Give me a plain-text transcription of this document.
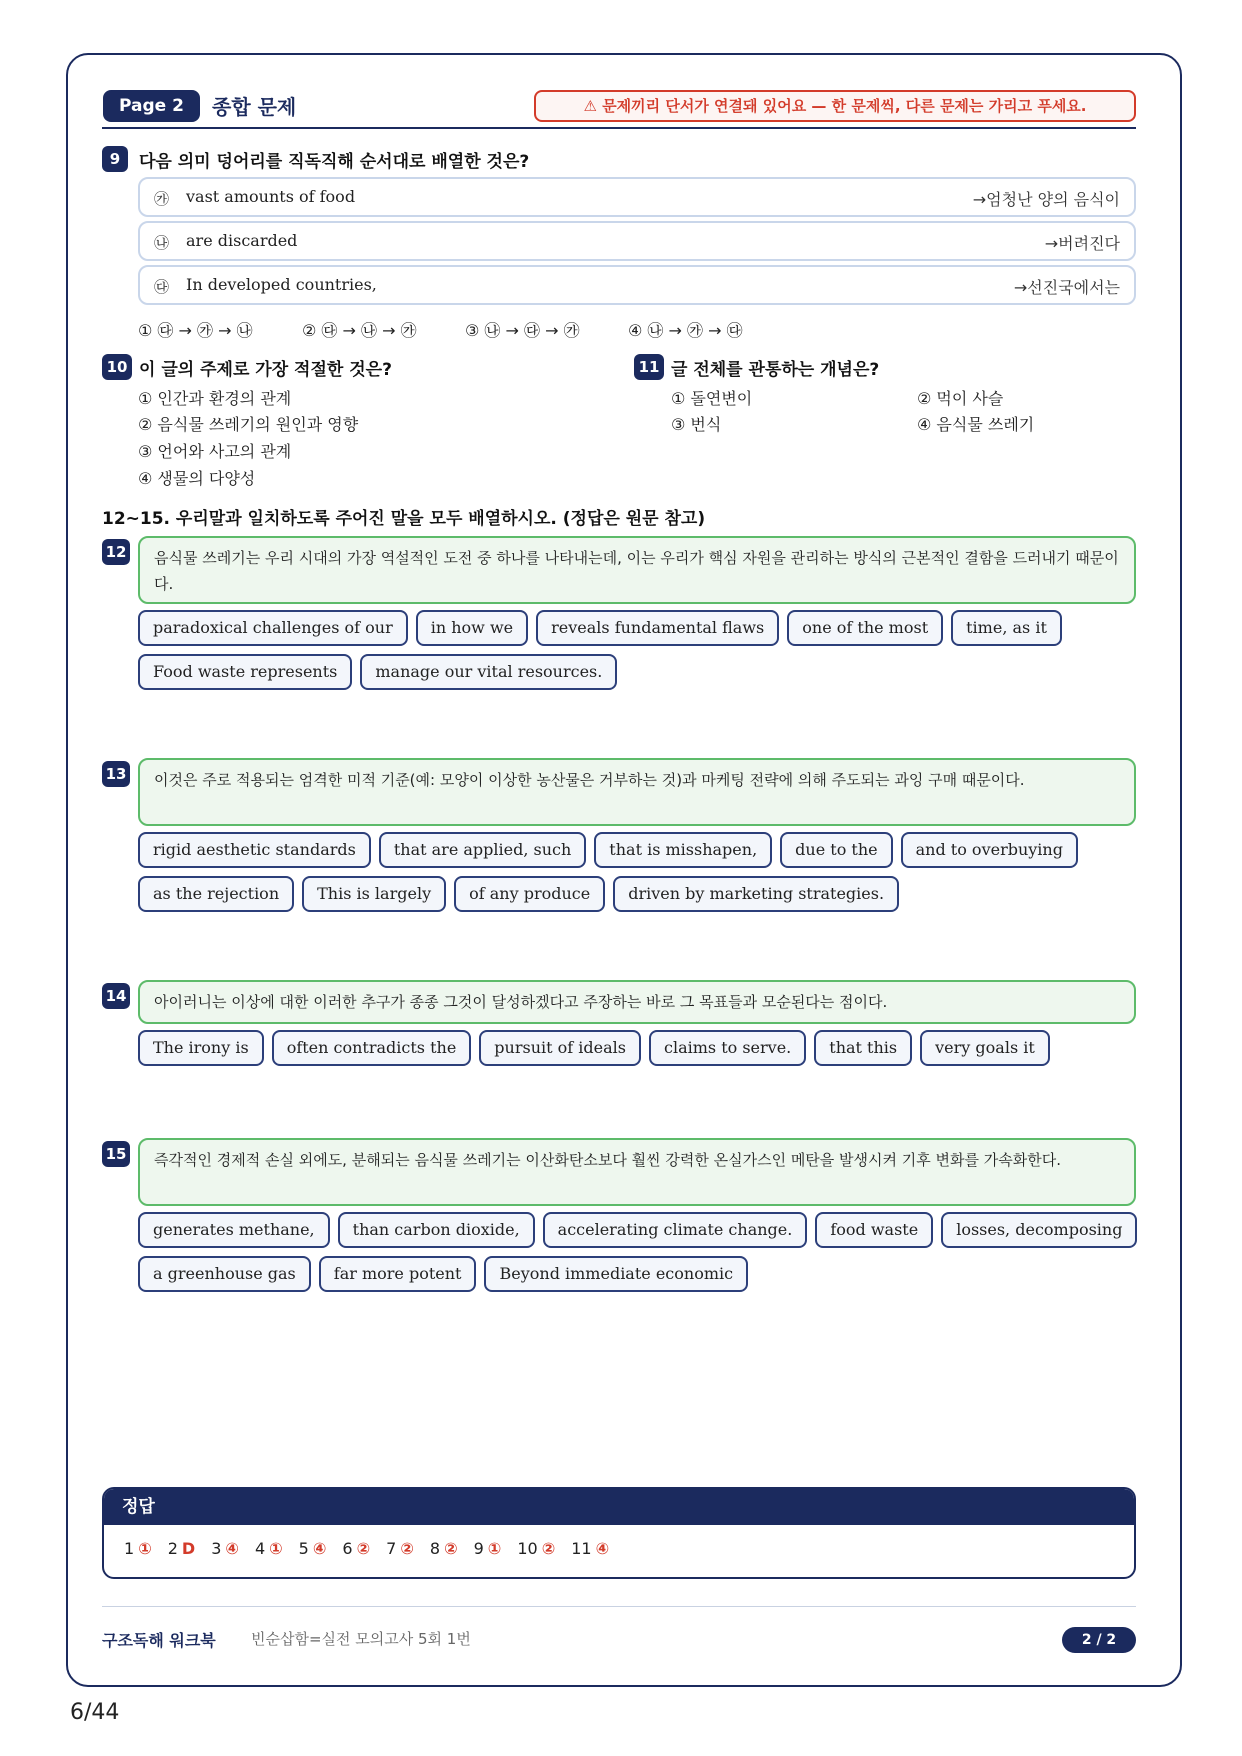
Page 2	종합 문제	⚠ 문제끼리 단서가 연결돼 있어요 — 한 문제씩, 다른 문제는 가리고 푸세요.
9	다음 의미 덩어리를 직독직해 순서대로 배열한 것은?
㉮ vast amounts of food	→엄청난 양의 음식이
㉯ are discarded	→버려진다
㉰ In developed countries,	→선진국에서는
① ㉰ → ㉮ → ㉯	② ㉰ → ㉯ → ㉮	③ ㉯ → ㉰ → ㉮	④ ㉯ → ㉮ → ㉰
10 이 글의 주제로 가장 적절한 것은?
① 인간과 환경의 관계
② 음식물 쓰레기의 원인과 영향
③ 언어와 사고의 관계
④ 생물의 다양성
11 글 전체를 관통하는 개념은?
① 돌연변이	② 먹이 사슬
③ 번식	④ 음식물 쓰레기
12~15. 우리말과 일치하도록 주어진 말을 모두 배열하시오. (정답은 원문 참고)
12	음식물 쓰레기는 우리 시대의 가장 역설적인 도전 중 하나를 나타내는데, 이는 우리가 핵심 자원을 관리하는 방식의 근본적인 결함을 드러내기 때문이다.
paradoxical challenges of our	in how we	reveals fundamental flaws	one of the most	time, as it
Food waste represents	manage our vital resources.
13	이것은 주로 적용되는 엄격한 미적 기준(예: 모양이 이상한 농산물은 거부하는 것)과 마케팅 전략에 의해 주도되는 과잉 구매 때문이다.
rigid aesthetic standards	that are applied, such	that is misshapen,	due to the	and to overbuying
as the rejection	This is largely	of any produce	driven by marketing strategies.
14	아이러니는 이상에 대한 이러한 추구가 종종 그것이 달성하겠다고 주장하는 바로 그 목표들과 모순된다는 점이다.
The irony is	often contradicts the	pursuit of ideals	claims to serve.	that this	very goals it
15	즉각적인 경제적 손실 외에도, 분해되는 음식물 쓰레기는 이산화탄소보다 훨씬 강력한 온실가스인 메탄을 발생시켜 기후 변화를 가속화한다.
generates methane,	than carbon dioxide,	accelerating climate change.	food waste	losses, decomposing
a greenhouse gas	far more potent	Beyond immediate economic
정답
1 ① 2 D 3 ④ 4 ① 5 ④ 6 ② 7 ② 8 ② 9 ① 10 ② 11 ④
구조독해 워크북 빈순삽함=실전 모의고사 5회 1번	2 / 2
6/44
